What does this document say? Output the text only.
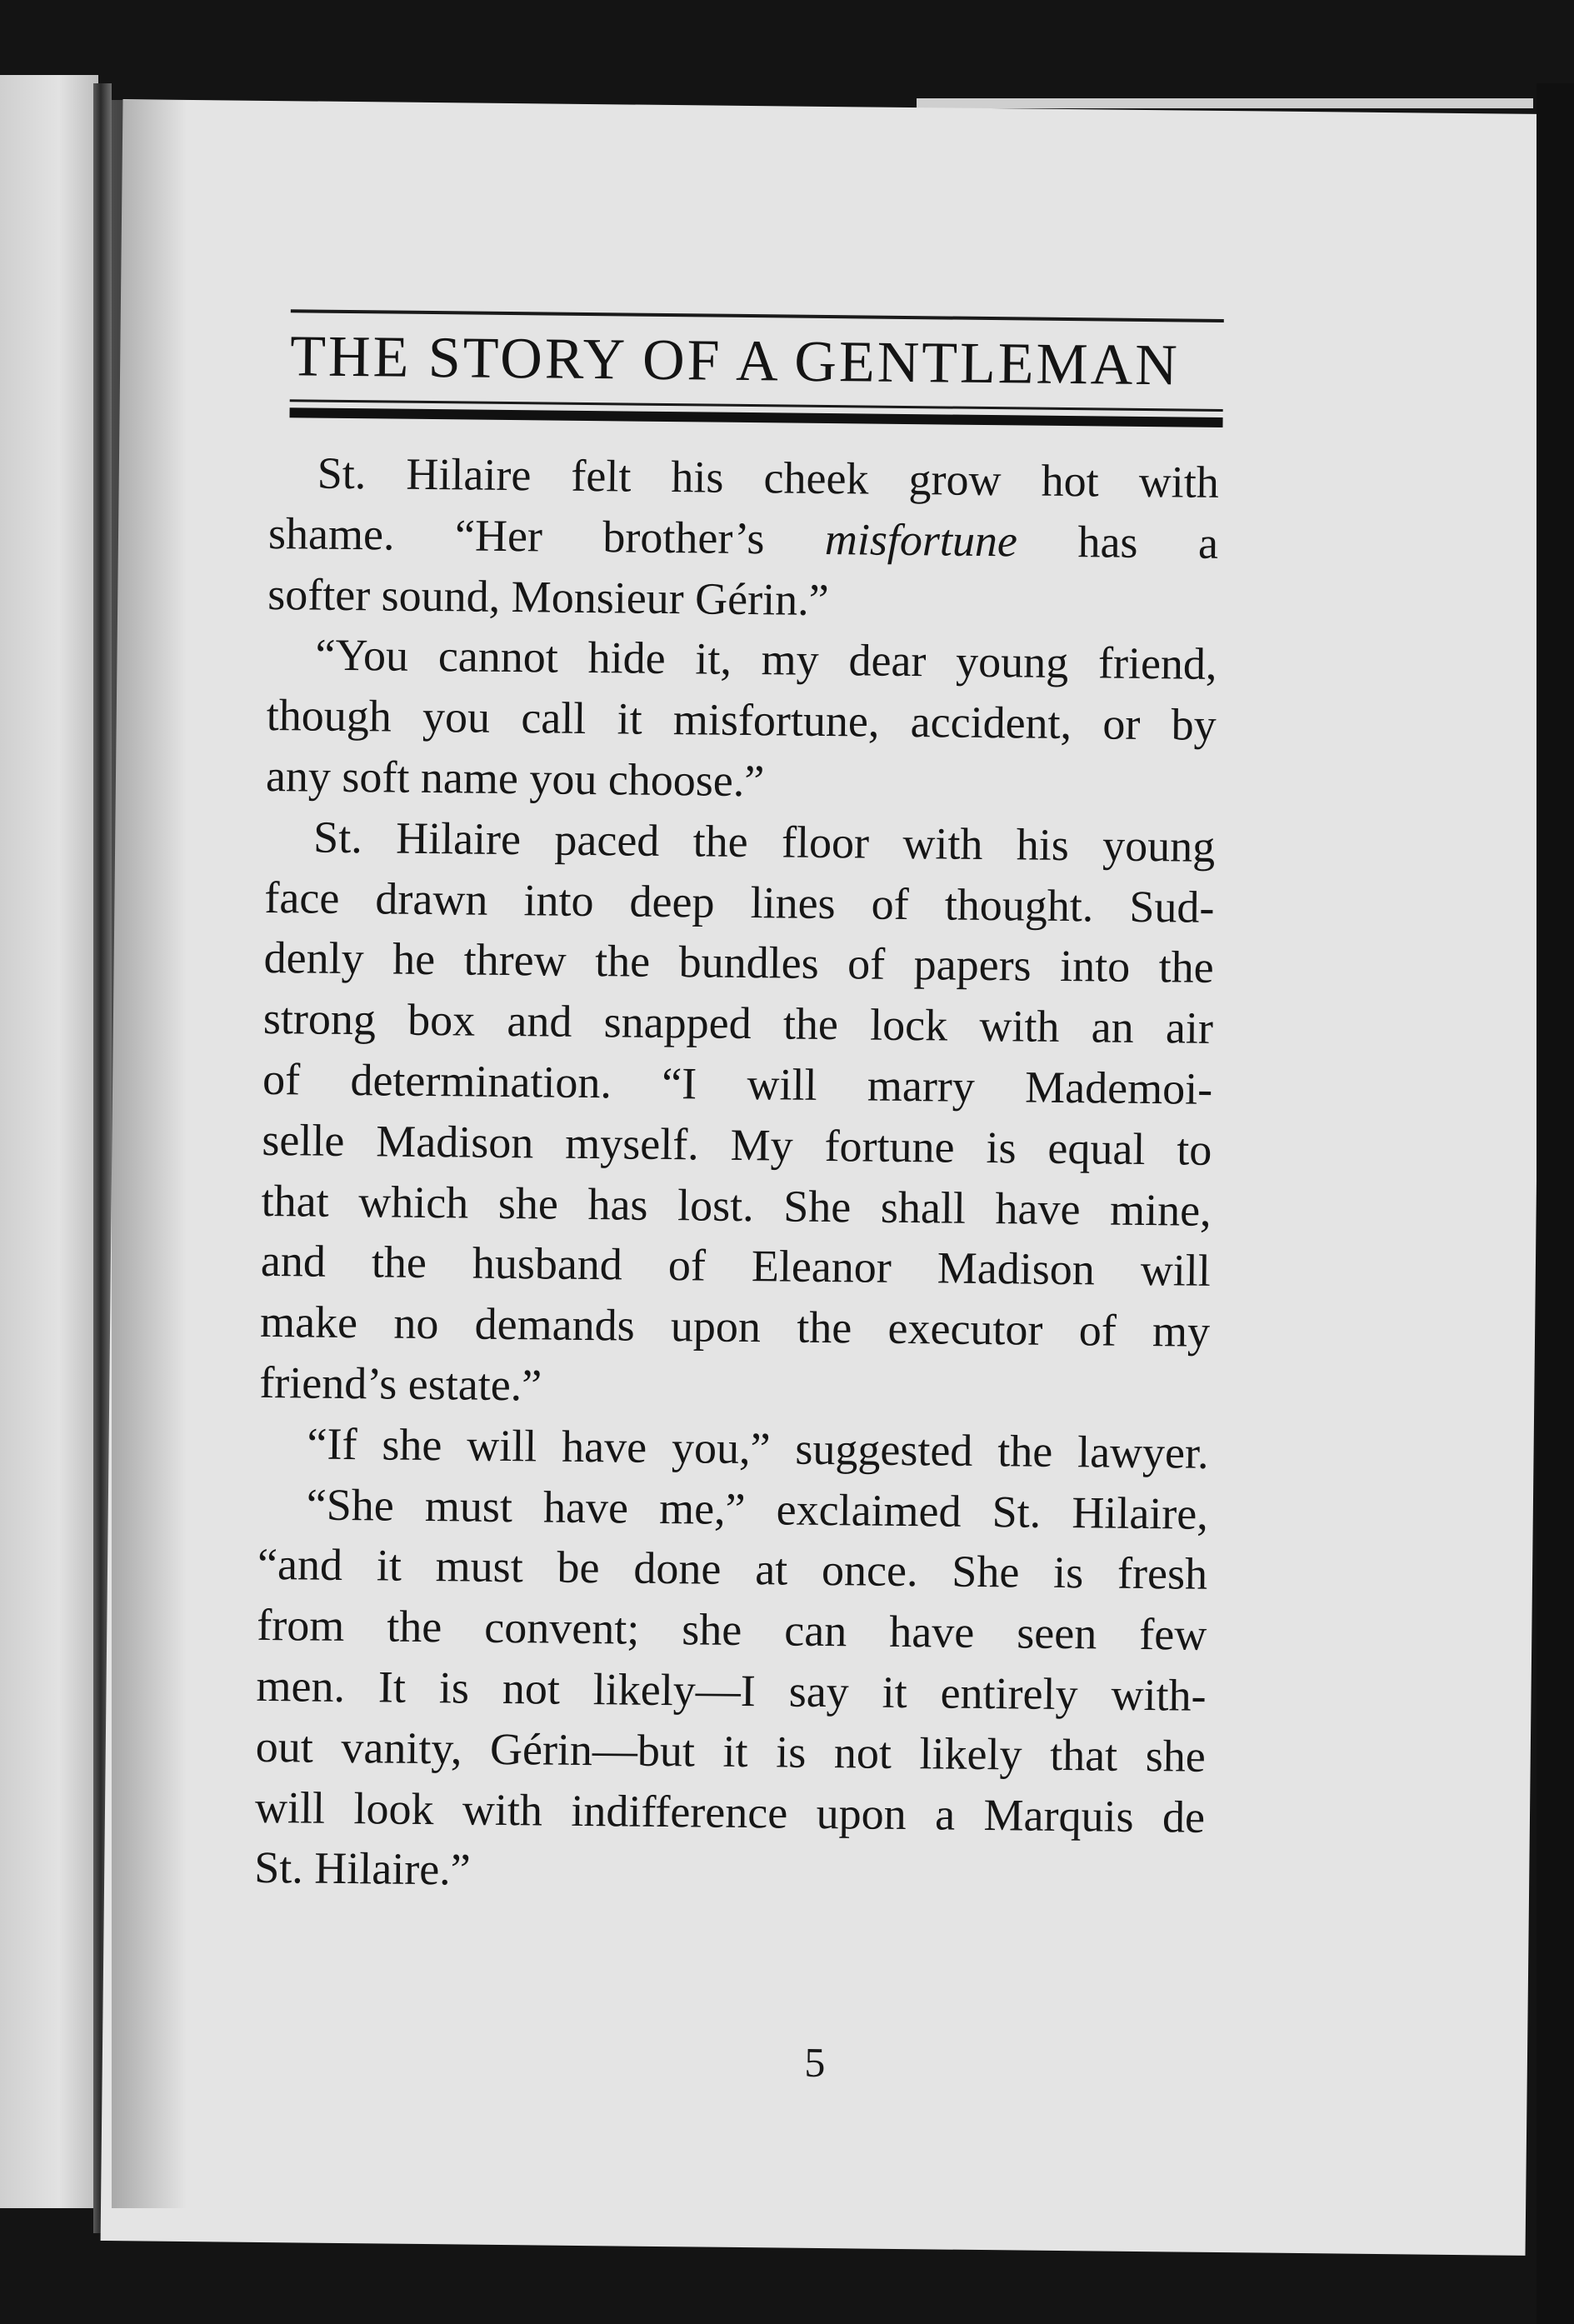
THE STORY OF A GENTLEMAN
St. Hilaire felt his cheek grow hot with
shame. “Her brother’s misfortune has a
softer sound, Monsieur Gérin.”
“You cannot hide it, my dear young friend,
though you call it misfortune, accident, or by
any soft name you choose.”
St. Hilaire paced the floor with his young
face drawn into deep lines of thought. Sud-
denly he threw the bundles of papers into the
strong box and snapped the lock with an air
of determination. “I will marry Mademoi-
selle Madison myself. My fortune is equal to
that which she has lost. She shall have mine,
and the husband of Eleanor Madison will
make no demands upon the executor of my
friend’s estate.”
“If she will have you,” suggested the lawyer.
“She must have me,” exclaimed St. Hilaire,
“and it must be done at once. She is fresh
from the convent; she can have seen few
men. It is not likely—I say it entirely with-
out vanity, Gérin—but it is not likely that she
will look with indifference upon a Marquis de
St. Hilaire.”
5
